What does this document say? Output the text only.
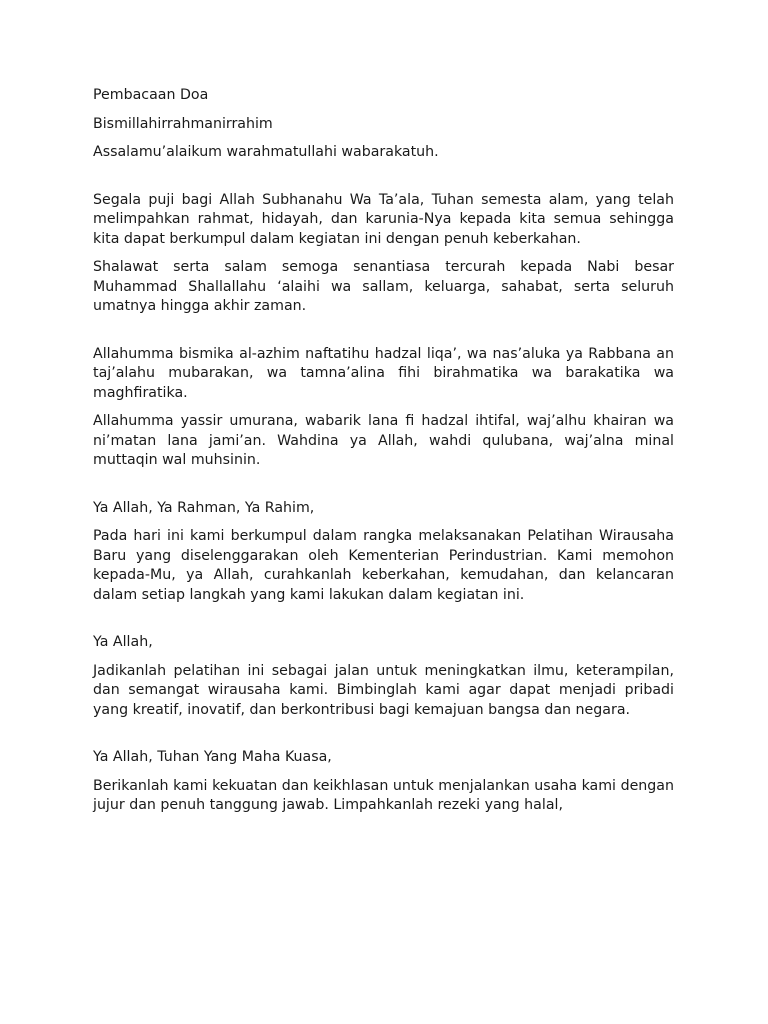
Pembacaan Doa

Bismillahirrahmanirrahim

Assalamu’alaikum warahmatullahi wabarakatuh.

Segala puji bagi Allah Subhanahu Wa Ta’ala, Tuhan semesta alam, yang telah melimpahkan rahmat, hidayah, dan karunia-Nya kepada kita semua sehingga kita dapat berkumpul dalam kegiatan ini dengan penuh keberkahan.

Shalawat serta salam semoga senantiasa tercurah kepada Nabi besar Muhammad Shallallahu ‘alaihi wa sallam, keluarga, sahabat, serta seluruh umatnya hingga akhir zaman.

Allahumma bismika al-azhim naftatihu hadzal liqa’, wa nas’aluka ya Rabbana an taj’alahu mubarakan, wa tamna’alina fihi birahmatika wa barakatika wa maghfiratika.

Allahumma yassir umurana, wabarik lana fi hadzal ihtifal, waj’alhu khairan wa ni’matan lana jami’an. Wahdina ya Allah, wahdi qulubana, waj’alna minal muttaqin wal muhsinin.

Ya Allah, Ya Rahman, Ya Rahim,

Pada hari ini kami berkumpul dalam rangka melaksanakan Pelatihan Wirausaha Baru yang diselenggarakan oleh Kementerian Perindustrian. Kami memohon kepada-Mu, ya Allah, curahkanlah keberkahan, kemudahan, dan kelancaran dalam setiap langkah yang kami lakukan dalam kegiatan ini.

Ya Allah,

Jadikanlah pelatihan ini sebagai jalan untuk meningkatkan ilmu, keterampilan, dan semangat wirausaha kami. Bimbinglah kami agar dapat menjadi pribadi yang kreatif, inovatif, dan berkontribusi bagi kemajuan bangsa dan negara.

Ya Allah, Tuhan Yang Maha Kuasa,

Berikanlah kami kekuatan dan keikhlasan untuk menjalankan usaha kami dengan jujur dan penuh tanggung jawab. Limpahkanlah rezeki yang halal,
